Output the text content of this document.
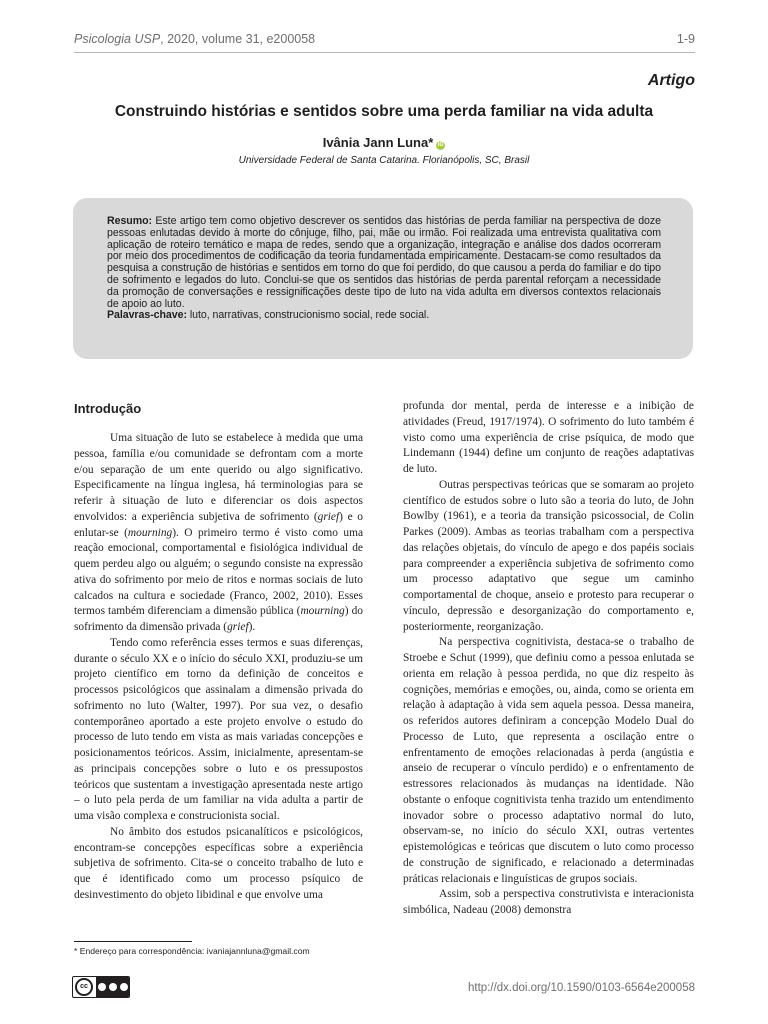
Psicologia USP, 2020, volume 31, e200058	1-9
Artigo
Construindo histórias e sentidos sobre uma perda familiar na vida adulta
Ivânia Jann Luna* iD
Universidade Federal de Santa Catarina. Florianópolis, SC, Brasil

Resumo: Este artigo tem como objetivo descrever os sentidos das histórias de perda familiar na perspectiva de doze pessoas enlutadas devido à morte do cônjuge, filho, pai, mãe ou irmão. Foi realizada uma entrevista qualitativa com aplicação de roteiro temático e mapa de redes, sendo que a organização, integração e análise dos dados ocorreram por meio dos procedimentos de codificação da teoria fundamentada empiricamente. Destacam-se como resultados da pesquisa a construção de histórias e sentidos em torno do que foi perdido, do que causou a perda do familiar e do tipo de sofrimento e legados do luto. Conclui-se que os sentidos das histórias de perda parental reforçam a necessidade da promoção de conversações e ressignificações deste tipo de luto na vida adulta em diversos contextos relacionais de apoio ao luto.

Palavras-chave: luto, narrativas, construcionismo social, rede social.

Introdução

Uma situação de luto se estabelece à medida que uma pessoa, família e/ou comunidade se defrontam com a morte e/ou separação de um ente querido ou algo significativo. Especificamente na língua inglesa, há terminologias para se referir à situação de luto e diferenciar os dois aspectos envolvidos: a experiência subjetiva de sofrimento (grief) e o enlutar-se (mourning). O primeiro termo é visto como uma reação emocional, comportamental e fisiológica individual de quem perdeu algo ou alguém; o segundo consiste na expressão ativa do sofrimento por meio de ritos e normas sociais de luto calcados na cultura e sociedade (Franco, 2002, 2010). Esses termos também diferenciam a dimensão pública (mourning) do sofrimento da dimensão privada (grief).

Tendo como referência esses termos e suas diferenças, durante o século XX e o início do século XXI, produziu-se um projeto científico em torno da definição de conceitos e processos psicológicos que assinalam a dimensão privada do sofrimento no luto (Walter, 1997). Por sua vez, o desafio contemporâneo aportado a este projeto envolve o estudo do processo de luto tendo em vista as mais variadas concepções e posicionamentos teóricos. Assim, inicialmente, apresentam-se as principais concepções sobre o luto e os pressupostos teóricos que sustentam a investigação apresentada neste artigo – o luto pela perda de um familiar na vida adulta a partir de uma visão complexa e construcionista social.

No âmbito dos estudos psicanalíticos e psicológicos, encontram-se concepções específicas sobre a experiência subjetiva de sofrimento. Cita-se o conceito trabalho de luto e que é identificado como um processo psíquico de desinvestimento do objeto libidinal e que envolve uma

profunda dor mental, perda de interesse e a inibição de atividades (Freud, 1917/1974). O sofrimento do luto também é visto como uma experiência de crise psíquica, de modo que Lindemann (1944) define um conjunto de reações adaptativas de luto.

Outras perspectivas teóricas que se somaram ao projeto científico de estudos sobre o luto são a teoria do luto, de John Bowlby (1961), e a teoria da transição psicossocial, de Colin Parkes (2009). Ambas as teorias trabalham com a perspectiva das relações objetais, do vínculo de apego e dos papéis sociais para compreender a experiência subjetiva de sofrimento como um processo adaptativo que segue um caminho comportamental de choque, anseio e protesto para recuperar o vínculo, depressão e desorganização do comportamento e, posteriormente, reorganização.

Na perspectiva cognitivista, destaca-se o trabalho de Stroebe e Schut (1999), que definiu como a pessoa enlutada se orienta em relação à pessoa perdida, no que diz respeito às cognições, memórias e emoções, ou, ainda, como se orienta em relação à adaptação à vida sem aquela pessoa. Dessa maneira, os referidos autores definiram a concepção Modelo Dual do Processo de Luto, que representa a oscilação entre o enfrentamento de emoções relacionadas à perda (angústia e anseio de recuperar o vínculo perdido) e o enfrentamento de estressores relacionados às mudanças na identidade. Não obstante o enfoque cognitivista tenha trazido um entendimento inovador sobre o processo adaptativo normal do luto, observam-se, no início do século XXI, outras vertentes epistemológicas e teóricas que discutem o luto como processo de construção de significado, e relacionado a determinadas práticas relacionais e linguísticas de grupos sociais.

Assim, sob a perspectiva construtivista e interacionista simbólica, Nadeau (2008) demonstra

* Endereço para correspondência: ivaniajannluna@gmail.com
cc	http://dx.doi.org/10.1590/0103-6564e200058
